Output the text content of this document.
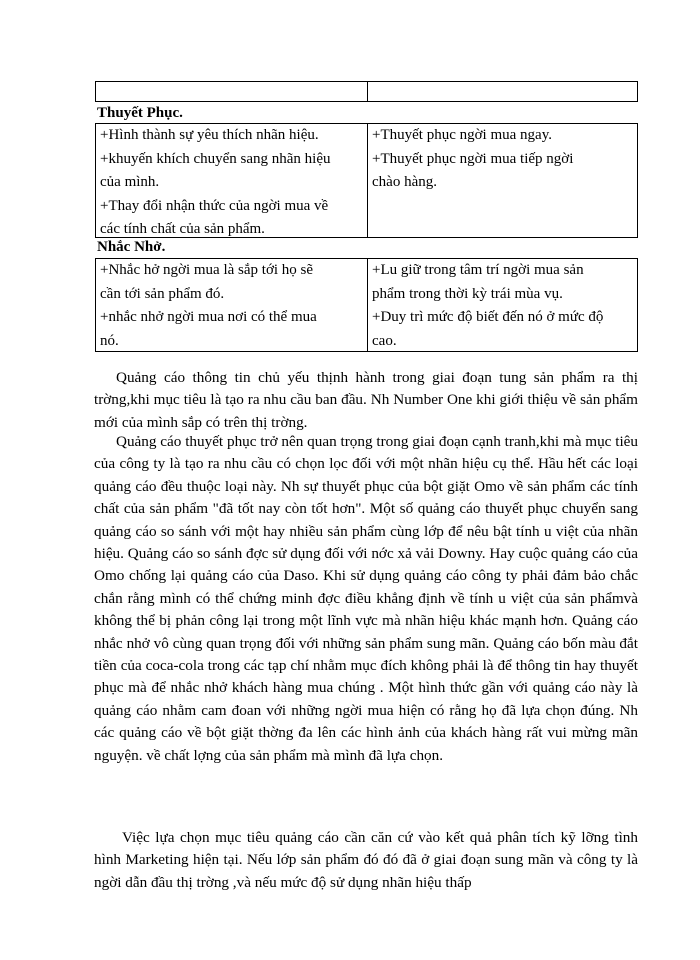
Thuyết Phục.
+Hình thành sự yêu thích nhãn hiệu.
+khuyến khích chuyển sang nhãn hiệu
của mình.
+Thay đổi nhận thức của ngời mua về
các tính chất của sản phẩm.
+Thuyết phục ngời mua ngay.
+Thuyết phục ngời mua tiếp ngời
chào hàng.
Nhắc Nhở.
+Nhắc hở ngời mua là sắp tới họ sẽ
cần tới sản phẩm đó.
+nhắc nhở ngời mua nơi có thể mua
nó.
+Lu giữ trong tâm trí ngời mua sản
phẩm trong thời kỳ trái mùa vụ.
+Duy trì mức độ biết đến nó ở mức độ
cao.
Quảng cáo thông tin chủ yếu thịnh hành trong giai đoạn tung sản phẩm ra thị trờng,khi mục tiêu là tạo ra nhu cầu ban đầu. Nh Number One khi giới thiệu về sản phẩm mới của mình sắp có trên thị trờng.
Quảng cáo thuyết phục trở nên quan trọng trong giai đoạn cạnh tranh,khi mà mục tiêu của công ty là tạo ra nhu cầu có chọn lọc đối với một nhãn hiệu cụ thể. Hầu hết các loại quảng cáo đều thuộc loại này. Nh sự thuyết phục của bột giặt Omo về sản phẩm các tính chất của sản phẩm "đã tốt nay còn tốt hơn". Một số quảng cáo thuyết phục chuyển sang quảng cáo so sánh với một hay nhiều sản phẩm cùng lớp để nêu bật tính u việt của nhãn hiệu. Quảng cáo so sánh đợc sử dụng đối với nớc xả vải Downy. Hay cuộc quảng cáo của Omo chống lại quảng cáo của Daso. Khi sử dụng quảng cáo công ty phải đảm bảo chắc chắn rằng mình có thể chứng minh đợc điều khẳng định về tính u việt của sản phẩmvà không thể bị phản công lại trong một lĩnh vực mà nhãn hiệu khác mạnh hơn. Quảng cáo nhắc nhở vô cùng quan trọng đối với những sản phẩm sung mãn. Quảng cáo bốn màu đắt tiền của coca-cola trong các tạp chí nhằm mục đích không phải là để thông tin hay thuyết phục mà để nhắc nhở khách hàng mua chúng . Một hình thức gần với quảng cáo này là quảng cáo nhằm cam đoan với những ngời mua hiện có rằng họ đã lựa chọn đúng. Nh các quảng cáo về bột giặt thờng đa lên các hình ảnh của khách hàng rất vui mừng mãn nguyện. về chất lợng của sản phẩm mà mình đã lựa chọn.
Việc lựa chọn mục tiêu quảng cáo cần căn cứ vào kết quả phân tích kỹ lỡng tình hình Marketing hiện tại. Nếu lớp sản phẩm đó đó đã ở giai đoạn sung mãn và công ty là ngời dẫn đầu thị trờng ,và nếu mức độ sử dụng nhãn hiệu thấp
